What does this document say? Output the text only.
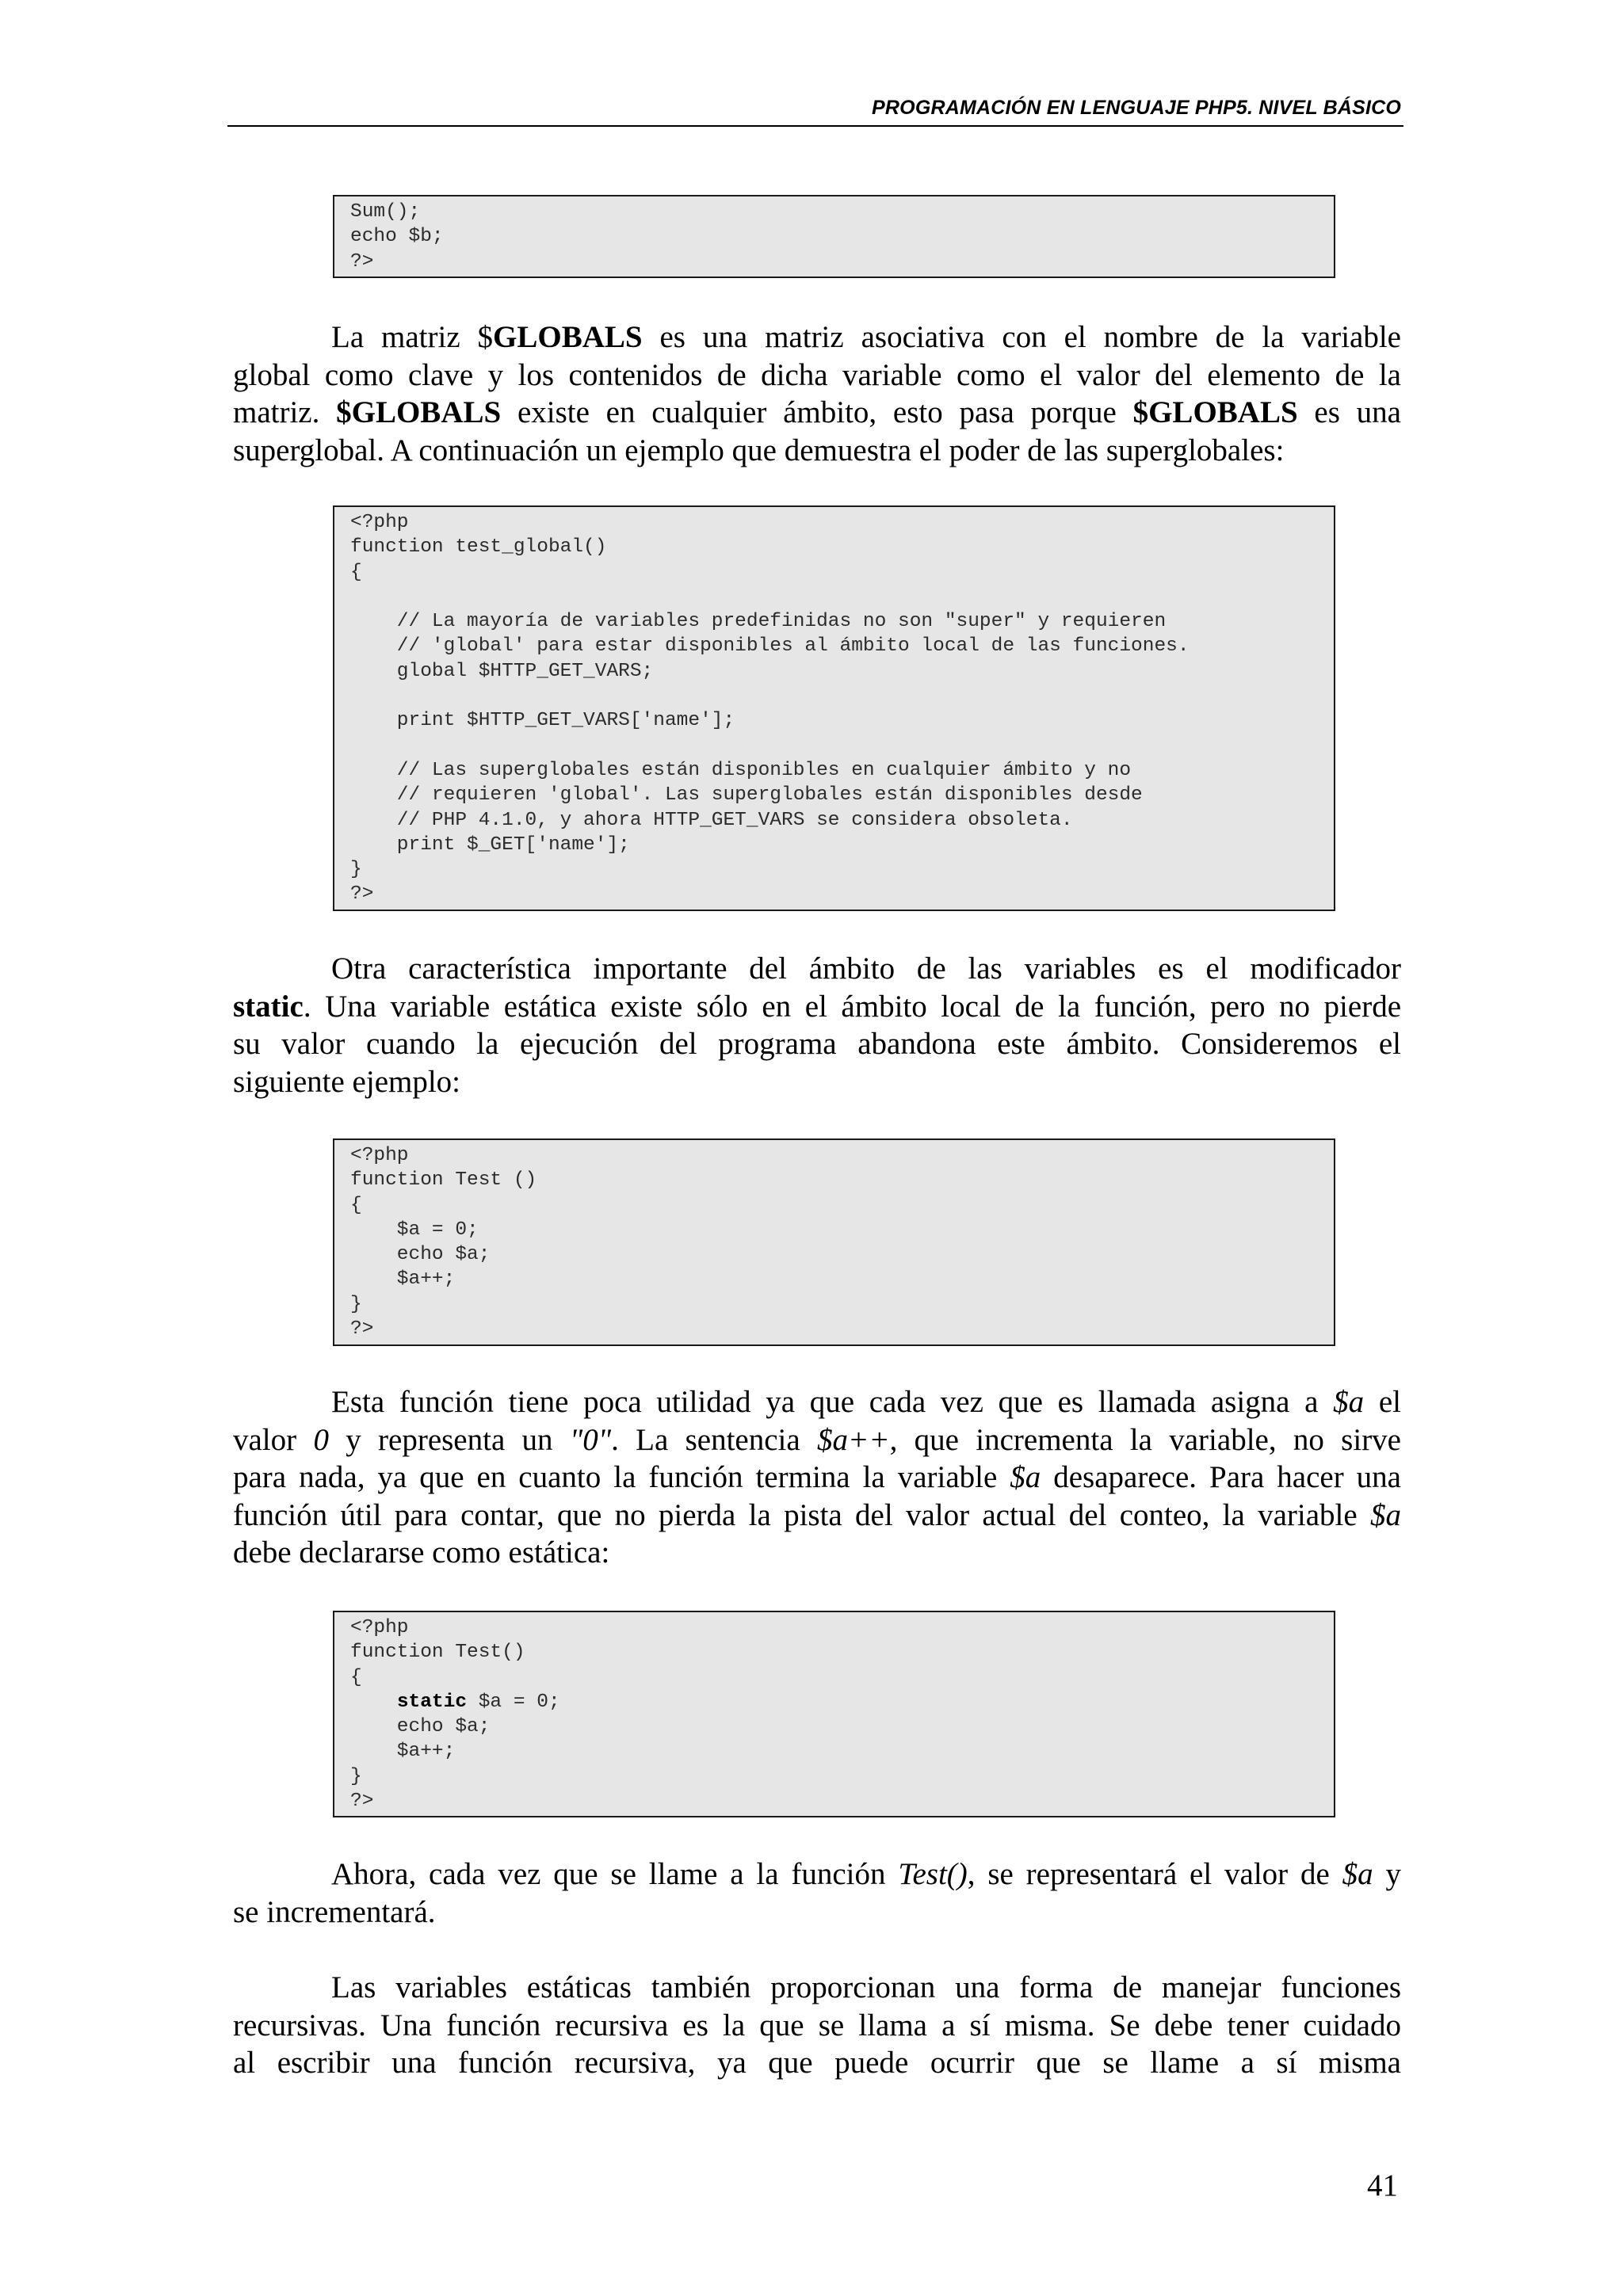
PROGRAMACIÓN EN LENGUAJE PHP5. NIVEL BÁSICO
Sum();
echo $b;
?>
La matriz $GLOBALS es una matriz asociativa con el nombre de la variable
global como clave y los contenidos de dicha variable como el valor del elemento de la
matriz. $GLOBALS existe en cualquier ámbito, esto pasa porque $GLOBALS es una
superglobal. A continuación un ejemplo que demuestra el poder de las superglobales:
<?php
function test_global()
{
// La mayoría de variables predefinidas no son "super" y requieren
// 'global' para estar disponibles al ámbito local de las funciones.
global $HTTP_GET_VARS;
print $HTTP_GET_VARS['name'];
// Las superglobales están disponibles en cualquier ámbito y no
// requieren 'global'. Las superglobales están disponibles desde
// PHP 4.1.0, y ahora HTTP_GET_VARS se considera obsoleta.
print $_GET['name'];
}
?>
Otra característica importante del ámbito de las variables es el modificador
static. Una variable estática existe sólo en el ámbito local de la función, pero no pierde
su valor cuando la ejecución del programa abandona este ámbito. Consideremos el
siguiente ejemplo:
<?php
function Test ()
{
$a = 0;
echo $a;
$a++;
}
?>
Esta función tiene poca utilidad ya que cada vez que es llamada asigna a $a el
valor 0 y representa un "0". La sentencia $a++, que incrementa la variable, no sirve
para nada, ya que en cuanto la función termina la variable $a desaparece. Para hacer una
función útil para contar, que no pierda la pista del valor actual del conteo, la variable $a
debe declararse como estática:
<?php
function Test()
{
static $a = 0;
echo $a;
$a++;
}
?>
Ahora, cada vez que se llame a la función Test(), se representará el valor de $a y
se incrementará.
Las variables estáticas también proporcionan una forma de manejar funciones
recursivas. Una función recursiva es la que se llama a sí misma. Se debe tener cuidado
al escribir una función recursiva, ya que puede ocurrir que se llame a sí misma
41
